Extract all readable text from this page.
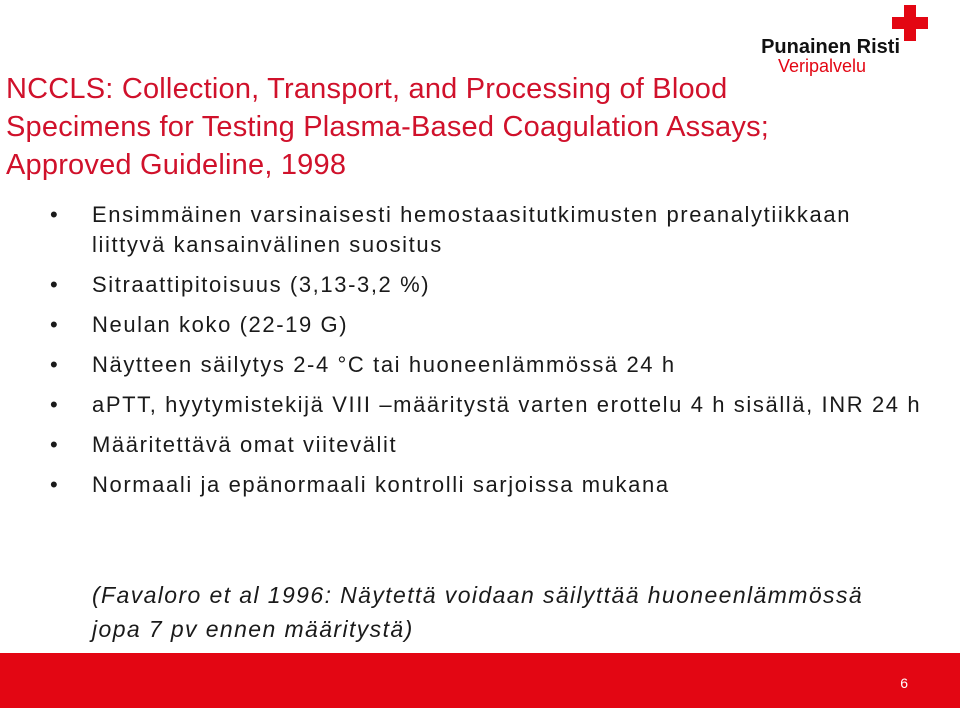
Punainen Risti
Veripalvelu
NCCLS: Collection, Transport, and Processing of Blood Specimens for Testing Plasma-Based Coagulation Assays; Approved Guideline, 1998
• Ensimmäinen varsinaisesti hemostaasitutkimusten preanalytiikkaan liittyvä kansainvälinen suositus
• Sitraattipitoisuus (3,13-3,2 %)
• Neulan koko (22-19 G)
• Näytteen säilytys 2-4 °C tai huoneenlämmössä 24 h
• aPTT, hyytymistekijä VIII –määritystä varten erottelu 4 h sisällä, INR 24 h
• Määritettävä omat viitevälit
• Normaali ja epänormaali kontrolli sarjoissa mukana

(Favaloro et al 1996: Näytettä voidaan säilyttää huoneenlämmössä jopa 7 pv ennen määritystä)

6
